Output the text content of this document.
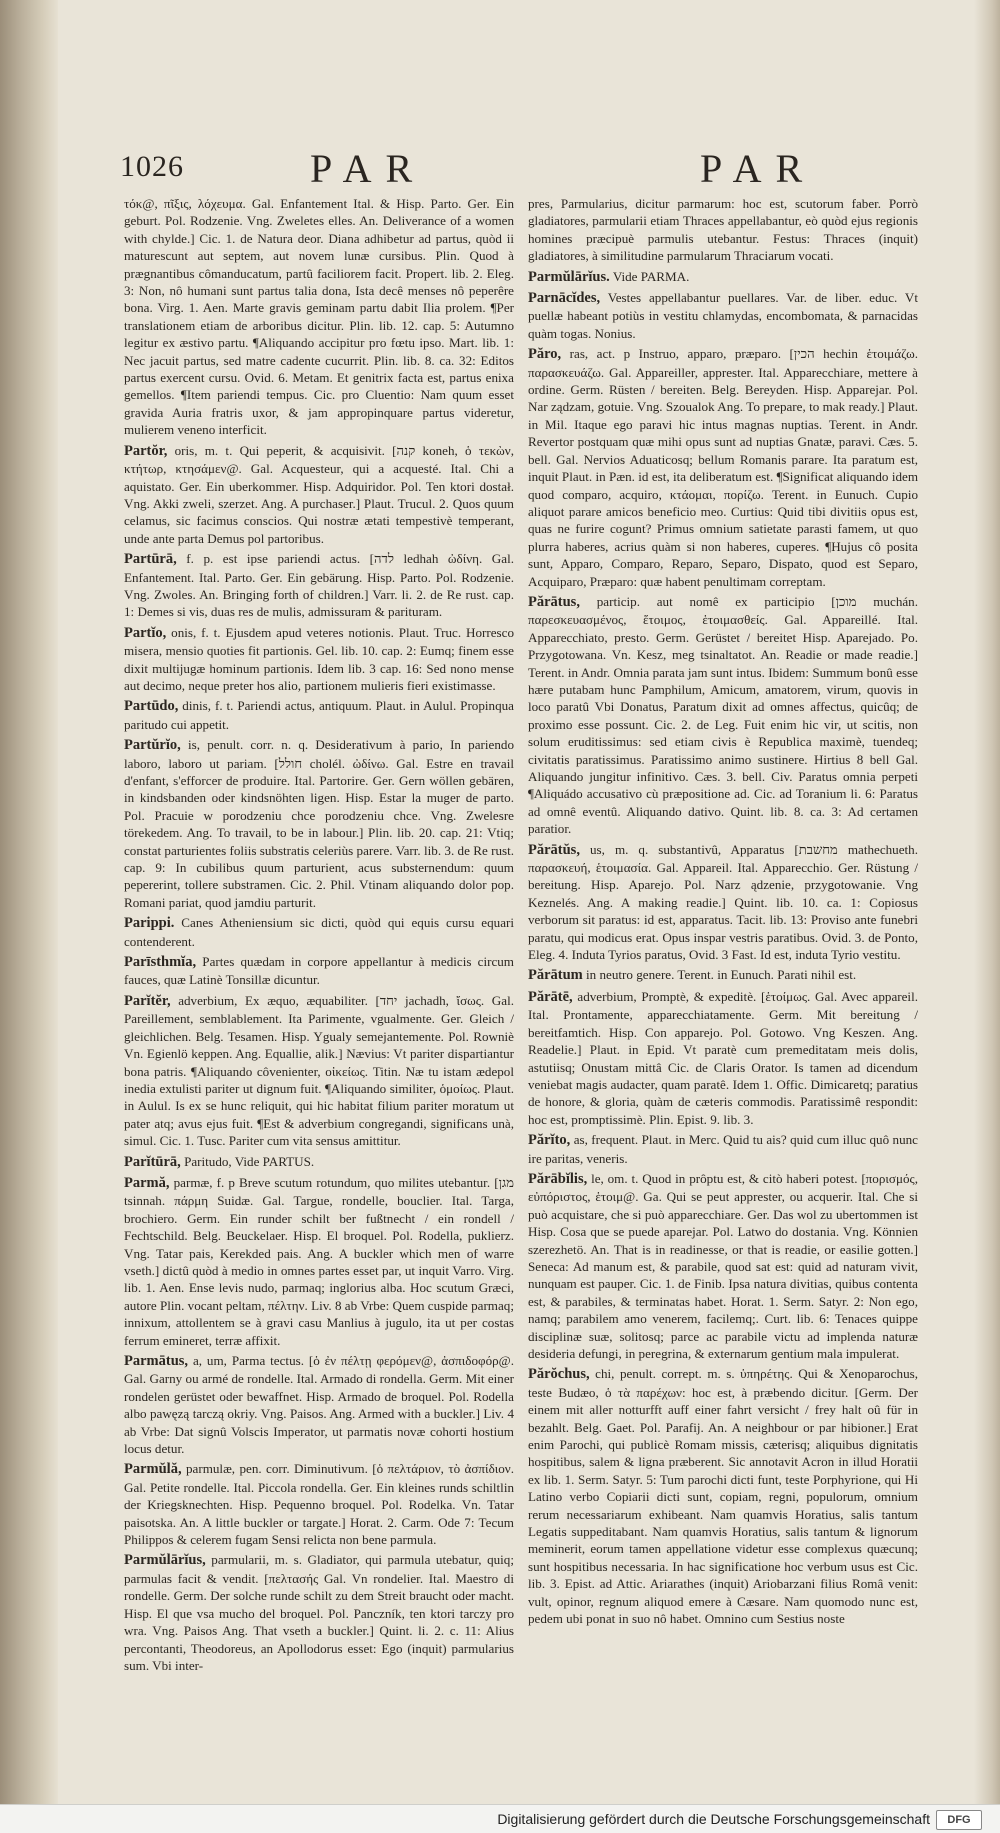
1026	PAR	PAR

τόκ@, πῖξις, λόχευμα. Gal. Enfantement Ital. & Hisp. Parto. Ger. Ein geburt. Pol. Rodzenie. Vng. Zweletes elles. An. Deliverance of a women with chylde.] Cic. 1. de Natura deor. Diana adhibetur ad partus, quòd ii maturescunt aut septem, aut novem lunæ cursibus. Plin. Quod à prægnantibus cômanducatum, partû faciliorem facit. Propert. lib. 2. Eleg. 3: Non, nô humani sunt partus talia dona, Ista decê menses nô peperêre bona. Virg. 1. Aen. Marte gravis geminam partu dabit Ilia prolem. ¶Per translationem etiam de arboribus dicitur. Plin. lib. 12. cap. 5: Autumno legitur ex æstivo partu. ¶Aliquando accipitur pro fœtu ipso. Mart. lib. 1: Nec jacuit partus, sed matre cadente cucurrit. Plin. lib. 8. ca. 32: Editos partus exercent cursu. Ovid. 6. Metam. Et genitrix facta est, partus enixa gemellos. ¶Item pariendi tempus. Cic. pro Cluentio: Nam quum esset gravida Auria fratris uxor, & jam appropinquare partus videretur, mulierem veneno interficit.

Partŏr, oris, m. t. Qui peperit, & acquisivit. [קנה koneh, ὁ τεκὼν, κτήτωρ, κτησάμεν@. Gal. Acquesteur, qui a acquesté. Ital. Chi a aquistato. Ger. Ein uberkommer. Hisp. Adquiridor. Pol. Ten ktori dostał. Vng. Akki zweli, szerzet. Ang. A purchaser.] Plaut. Trucul. 2. Quos quum celamus, sic facimus conscios. Qui nostræ ætati tempestivè temperant, unde ante parta Demus pol partoribus.

Partūrā, f. p. est ipse pariendi actus. [לדה ledhah ὠδίνη. Gal. Enfantement. Ital. Parto. Ger. Ein gebärung. Hisp. Parto. Pol. Rodzenie. Vng. Zwoles. An. Bringing forth of children.] Varr. li. 2. de Re rust. cap. 1: Demes si vis, duas res de mulis, admissuram & parituram.

Partĭo, onis, f. t. Ejusdem apud veteres notionis. Plaut. Truc. Horresco misera, mensio quoties fit partionis. Gel. lib. 10. cap. 2: Eumq; finem esse dixit multijugæ hominum partionis. Idem lib. 3 cap. 16: Sed nono mense aut decimo, neque preter hos alio, partionem mulieris fieri existimasse.

Partūdo, dinis, f. t. Pariendi actus, antiquum. Plaut. in Aulul. Propinqua paritudo cui appetit.

Partŭrĭo, is, penult. corr. n. q. Desiderativum à pario, In pariendo laboro, laboro ut pariam. [חולל cholél. ὠδίνω. Gal. Estre en travail d'enfant, s'efforcer de produire. Ital. Partorire. Ger. Gern wöllen gebären, in kindsbanden oder kindsnöhten ligen. Hisp. Estar la muger de parto. Pol. Pracuie w porodzeniu chce porodzeniu chce. Vng. Zwelesre törekedem. Ang. To travail, to be in labour.] Plin. lib. 20. cap. 21: Vtiq; constat parturientes foliis substratis celeriùs parere. Varr. lib. 3. de Re rust. cap. 9: In cubilibus quum parturient, acus substernendum: quum pepererint, tollere substramen. Cic. 2. Phil. Vtinam aliquando dolor pop. Romani pariat, quod jamdiu parturit.

Parippi. Canes Atheniensium sic dicti, quòd qui equis cursu equari contenderent.

Parīsthmĭa, Partes quædam in corpore appellantur à medicis circum fauces, quæ Latinè Tonsillæ dicuntur.

Parĭtĕr, adverbium, Ex æquo, æquabiliter. [יחד jachadh, ἴσως. Gal. Pareillement, semblablement. Ita Parimente, vgualmente. Ger. Gleich / gleichlichen. Belg. Tesamen. Hisp. Ygualy semejantemente. Pol. Rowniè Vn. Egienlö keppen. Ang. Equallie, alik.] Nævius: Vt pariter dispartiantur bona patris. ¶Aliquando côvenienter, οἰκείως. Titin. Næ tu istam ædepol inedia extulisti pariter ut dignum fuit. ¶Aliquando similiter, ὁμοίως. Plaut. in Aulul. Is ex se hunc reliquit, qui hic habitat filium pariter moratum ut pater atq; avus ejus fuit. ¶Est & adverbium congregandi, significans unà, simul. Cic. 1. Tusc. Pariter cum vita sensus amittitur.

Parĭtūrā, Paritudo, Vide PARTUS.

Parmă, parmæ, f. p Breve scutum rotundum, quo milites utebantur. [מגן tsinnah. πάρμη Suidæ. Gal. Targue, rondelle, bouclier. Ital. Targa, brochiero. Germ. Ein runder schilt ber fußtnecht / ein rondell / Fechtschild. Belg. Beuckelaer. Hisp. El broquel. Pol. Rodella, puklierz. Vng. Tatar pais, Kerekded pais. Ang. A buckler which men of warre vseth.] dictû quòd à medio in omnes partes esset par, ut inquit Varro. Virg. lib. 1. Aen. Ense levis nudo, parmaq; inglorius alba. Hoc scutum Græci, autore Plin. vocant peltam, πέλτην. Liv. 8 ab Vrbe: Quem cuspide parmaq; innixum, attollentem se à gravi casu Manlius à jugulo, ita ut per costas ferrum emineret, terræ affixit.

Parmātus, a, um, Parma tectus. [ὁ ἐν πέλτῃ φερόμεν@, ἀσπιδοφόρ@. Gal. Garny ou armé de rondelle. Ital. Armado di rondella. Germ. Mit einer rondelen gerüstet oder bewaffnet. Hisp. Armado de broquel. Pol. Rodella albo pawęzą tarczą okriy. Vng. Paisos. Ang. Armed with a buckler.] Liv. 4 ab Vrbe: Dat signû Volscis Imperator, ut parmatis novæ cohorti hostium locus detur.

Parmŭlă, parmulæ, pen. corr. Diminutivum. [ὁ πελτάριον, τὸ ἀσπίδιον. Gal. Petite rondelle. Ital. Piccola rondella. Ger. Ein kleines runds schiltlin der Kriegsknechten. Hisp. Pequenno broquel. Pol. Rodelka. Vn. Tatar paisotska. An. A little buckler or targate.] Horat. 2. Carm. Ode 7: Tecum Philippos & celerem fugam Sensi relicta non bene parmula.

Parmŭlārĭus, parmularii, m. s. Gladiator, qui parmula utebatur, quiq; parmulas facit & vendit. [πελτασής Gal. Vn rondelier. Ital. Maestro di rondelle. Germ. Der solche runde schilt zu dem Streit braucht oder macht. Hisp. El que vsa mucho del broquel. Pol. Panczník, ten ktori tarczy pro wra. Vng. Paisos Ang. That vseth a buckler.] Quint. li. 2. c. 11: Alius percontanti, Theodoreus, an Apollodorus esset: Ego (inquit) parmularius sum. Vbi inter-

pres, Parmularius, dicitur parmarum: hoc est, scutorum faber. Porrò gladiatores, parmularii etiam Thraces appellabantur, eò quòd ejus regionis homines præcipuè parmulis utebantur. Festus: Thraces (inquit) gladiatores, à similitudine parmularum Thraciarum vocati.

Parmŭlārĭus. Vide PARMA.

Parnācĭdes, Vestes appellabantur puellares. Var. de liber. educ. Vt puellæ habeant potiùs in vestitu chlamydas, encombomata, & parnacidas quàm togas. Nonius.

Păro, ras, act. p Instruo, apparo, præparo. [הכין hechin ἑτοιμάζω. παρασκευάζω. Gal. Appareiller, apprester. Ital. Apparecchiare, mettere à ordine. Germ. Rüsten / bereiten. Belg. Bereyden. Hisp. Apparejar. Pol. Nar ządzam, gotuie. Vng. Szoualok Ang. To prepare, to mak ready.] Plaut. in Mil. Itaque ego paravi hic intus magnas nuptias. Terent. in Andr. Revertor postquam quæ mihi opus sunt ad nuptias Gnatæ, paravi. Cæs. 5. bell. Gal. Nervios Aduaticosq; bellum Romanis parare. Ita paratum est, inquit Plaut. in Pæn. id est, ita deliberatum est. ¶Significat aliquando idem quod comparo, acquiro, κτάομαι, πορίζω. Terent. in Eunuch. Cupio aliquot parare amicos beneficio meo. Curtius: Quid tibi divitiis opus est, quas ne furire cogunt? Primus omnium satietate parasti famem, ut quo plurra haberes, acrius quàm si non haberes, cuperes. ¶Hujus cô posita sunt, Apparo, Comparo, Reparo, Separo, Dispato, quod est Separo, Acquiparo, Præparo: quæ habent penultimam correptam.

Părātus, particip. aut nomê ex participio [מוכן muchán. παρεσκευασμένος, ἕτοιμος, ἑτοιμασθείς. Gal. Appareillé. Ital. Apparecchiato, presto. Germ. Gerüstet / bereitet Hisp. Aparejado. Po. Przygotowana. Vn. Kesz, meg tsinaltatot. An. Readie or made readie.] Terent. in Andr. Omnia parata jam sunt intus. Ibidem: Summum bonû esse hære putabam hunc Pamphilum, Amicum, amatorem, virum, quovis in loco paratû Vbi Donatus, Paratum dixit ad omnes affectus, quicûq; de proximo esse possunt. Cic. 2. de Leg. Fuit enim hic vir, ut scitis, non solum eruditissimus: sed etiam civis è Republica maximè, tuendeq; civitatis paratissimus. Paratissimo animo sustinere. Hirtius 8 bell Gal. Aliquando jungitur infinitivo. Cæs. 3. bell. Civ. Paratus omnia perpeti ¶Aliquádo accusativo cù præpositione ad. Cic. ad Toranium li. 6: Paratus ad omnê eventû. Aliquando dativo. Quint. lib. 8. ca. 3: Ad certamen paratior.

Părātŭs, us, m. q. substantivû, Apparatus [מחשבת mathechueth. παρασκευή, ἑτοιμασία. Gal. Appareil. Ital. Apparecchio. Ger. Rüstung / bereitung. Hisp. Aparejo. Pol. Narz ądzenie, przygotowanie. Vng Keznelés. Ang. A making readie.] Quint. lib. 10. ca. 1: Copiosus verborum sit paratus: id est, apparatus. Tacit. lib. 13: Proviso ante funebri paratu, qui modicus erat. Opus inspar vestris paratibus. Ovid. 3. de Ponto, Eleg. 4. Induta Tyrios paratus, Ovid. 3 Fast. Id est, induta Tyrio vestitu.

Părātum in neutro genere. Terent. in Eunuch. Parati nihil est.

Părātē, adverbium, Promptè, & expeditè. [ἑτοίμως. Gal. Avec appareil. Ital. Prontamente, apparecchiatamente. Germ. Mit bereitung / bereitfamtich. Hisp. Con apparejo. Pol. Gotowo. Vng Keszen. Ang. Readelie.] Plaut. in Epid. Vt paratè cum premeditatam meis dolis, astutiisq; Onustam mittâ Cic. de Claris Orator. Is tamen ad dicendum veniebat magis audacter, quam paratê. Idem 1. Offic. Dimicaretq; paratius de honore, & gloria, quàm de cæteris commodis. Paratissimê respondit: hoc est, promptissimè. Plin. Epist. 9. lib. 3.

Părĭto, as, frequent. Plaut. in Merc. Quid tu ais? quid cum illuc quô nunc ire paritas, veneris.

Părābĭlis, le, om. t. Quod in prôptu est, & citò haberi potest. [πορισμός, εὐπόριστος, ἑτοιμ@. Ga. Qui se peut apprester, ou acquerir. Ital. Che si può acquistare, che si può apparecchiare. Ger. Das wol zu ubertommen ist Hisp. Cosa que se puede aparejar. Pol. Latwo do dostania. Vng. Könnien szerezhetö. An. That is in readinesse, or that is readie, or easilie gotten.] Seneca: Ad manum est, & parabile, quod sat est: quid ad naturam vivit, nunquam est pauper. Cic. 1. de Finib. Ipsa natura divitias, quibus contenta est, & parabiles, & terminatas habet. Horat. 1. Serm. Satyr. 2: Non ego, namq; parabilem amo venerem, facilemq;. Curt. lib. 6: Tenaces quippe disciplinæ suæ, solitosq; parce ac parabile victu ad implenda naturæ desideria defungi, in peregrina, & externarum gentium mala impulerat.

Părŏchus, chi, penult. corrept. m. s. ὑπηρέτης. Qui & Xenoparochus, teste Budæo, ὁ τὰ παρέχων: hoc est, à præbendo dicitur. [Germ. Der einem mit aller notturfft auff einer fahrt versicht / frey halt oû für in bezahlt. Belg. Gaet. Pol. Parafij. An. A neighbour or par hibioner.] Erat enim Parochi, qui publicè Romam missis, cæterisq; aliquibus dignitatis hospitibus, salem & ligna præberent. Sic annotavit Acron in illud Horatii ex lib. 1. Serm. Satyr. 5: Tum parochi dicti funt, teste Porphyrione, qui Hi Latino verbo Copiarii dicti sunt, copiam, regni, populorum, omnium rerum necessariarum exhibeant. Nam quamvis Horatius, salis tantum Legatis suppeditabant. Nam quamvis Horatius, salis tantum & lignorum meminerit, eorum tamen appellatione videtur esse complexus quæcunq; sunt hospitibus necessaria. In hac significatione hoc verbum usus est Cic. lib. 3. Epist. ad Attic. Ariarathes (inquit) Ariobarzani filius Româ venit: vult, opinor, regnum aliquod emere à Cæsare. Nam quomodo nunc est, pedem ubi ponat in suo nô habet. Omnino cum Sestius noste

Digitalisierung gefördert durch die Deutsche Forschungsgemeinschaft	DFG
